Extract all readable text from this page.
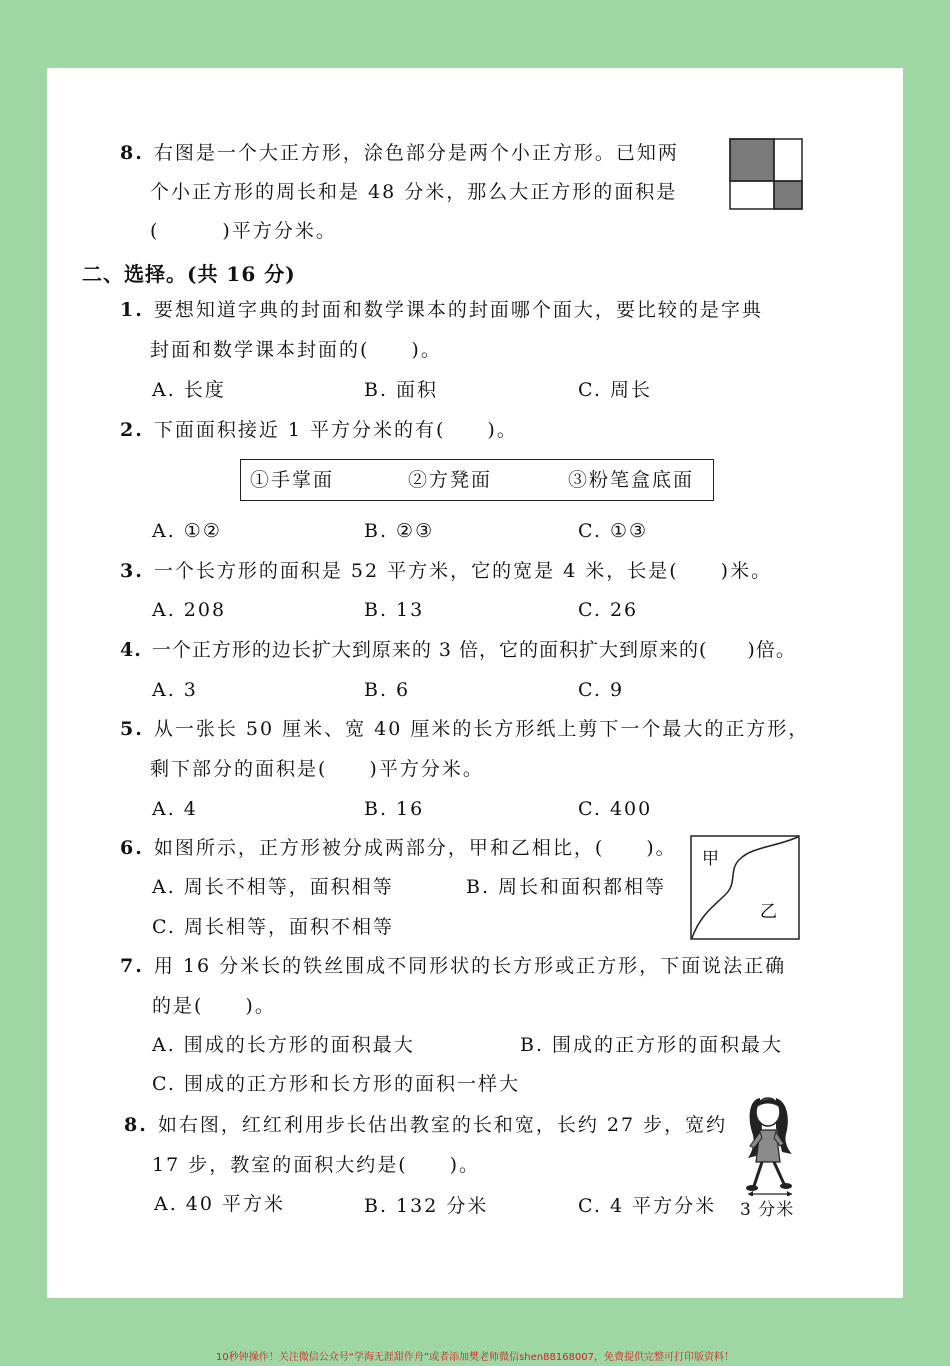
8. 右图是一个大正方形，涂色部分是两个小正方形。已知两
个小正方形的周长和是 48 分米，那么大正方形的面积是
(　　　)平方分米。
二、选择。(共 16 分)
1. 要想知道字典的封面和数学课本的封面哪个面大，要比较的是字典
封面和数学课本封面的(　　)。
A. 长度	B. 面积	C. 周长
2. 下面面积接近 1 平方分米的有(　　)。
①手掌面	②方凳面	③粉笔盒底面
A. ①②	B. ②③	C. ①③
3. 一个长方形的面积是 52 平方米，它的宽是 4 米，长是(　　)米。
A. 208	B. 13	C. 26
4. 一个正方形的边长扩大到原来的 3 倍，它的面积扩大到原来的(　　)倍。
A. 3	B. 6	C. 9
5. 从一张长 50 厘米、宽 40 厘米的长方形纸上剪下一个最大的正方形，
剩下部分的面积是(　　)平方分米。
A. 4	B. 16	C. 400
6. 如图所示，正方形被分成两部分，甲和乙相比，(　　)。
A. 周长不相等，面积相等	B. 周长和面积都相等
C. 周长相等，面积不相等
甲
乙
7. 用 16 分米长的铁丝围成不同形状的长方形或正方形，下面说法正确
的是(　　)。
A. 围成的长方形的面积最大	B. 围成的正方形的面积最大
C. 围成的正方形和长方形的面积一样大
8. 如右图，红红利用步长估出教室的长和宽，长约 27 步，宽约
17 步，教室的面积大约是(　　)。
A. 40 平方米	B. 132 分米	C. 4 平方分米 3 分米
10秒钟操作！关注微信公众号“学海无涯甜作舟”或者添加樊老师微信shen88168007，免费提供完整可打印版资料！
